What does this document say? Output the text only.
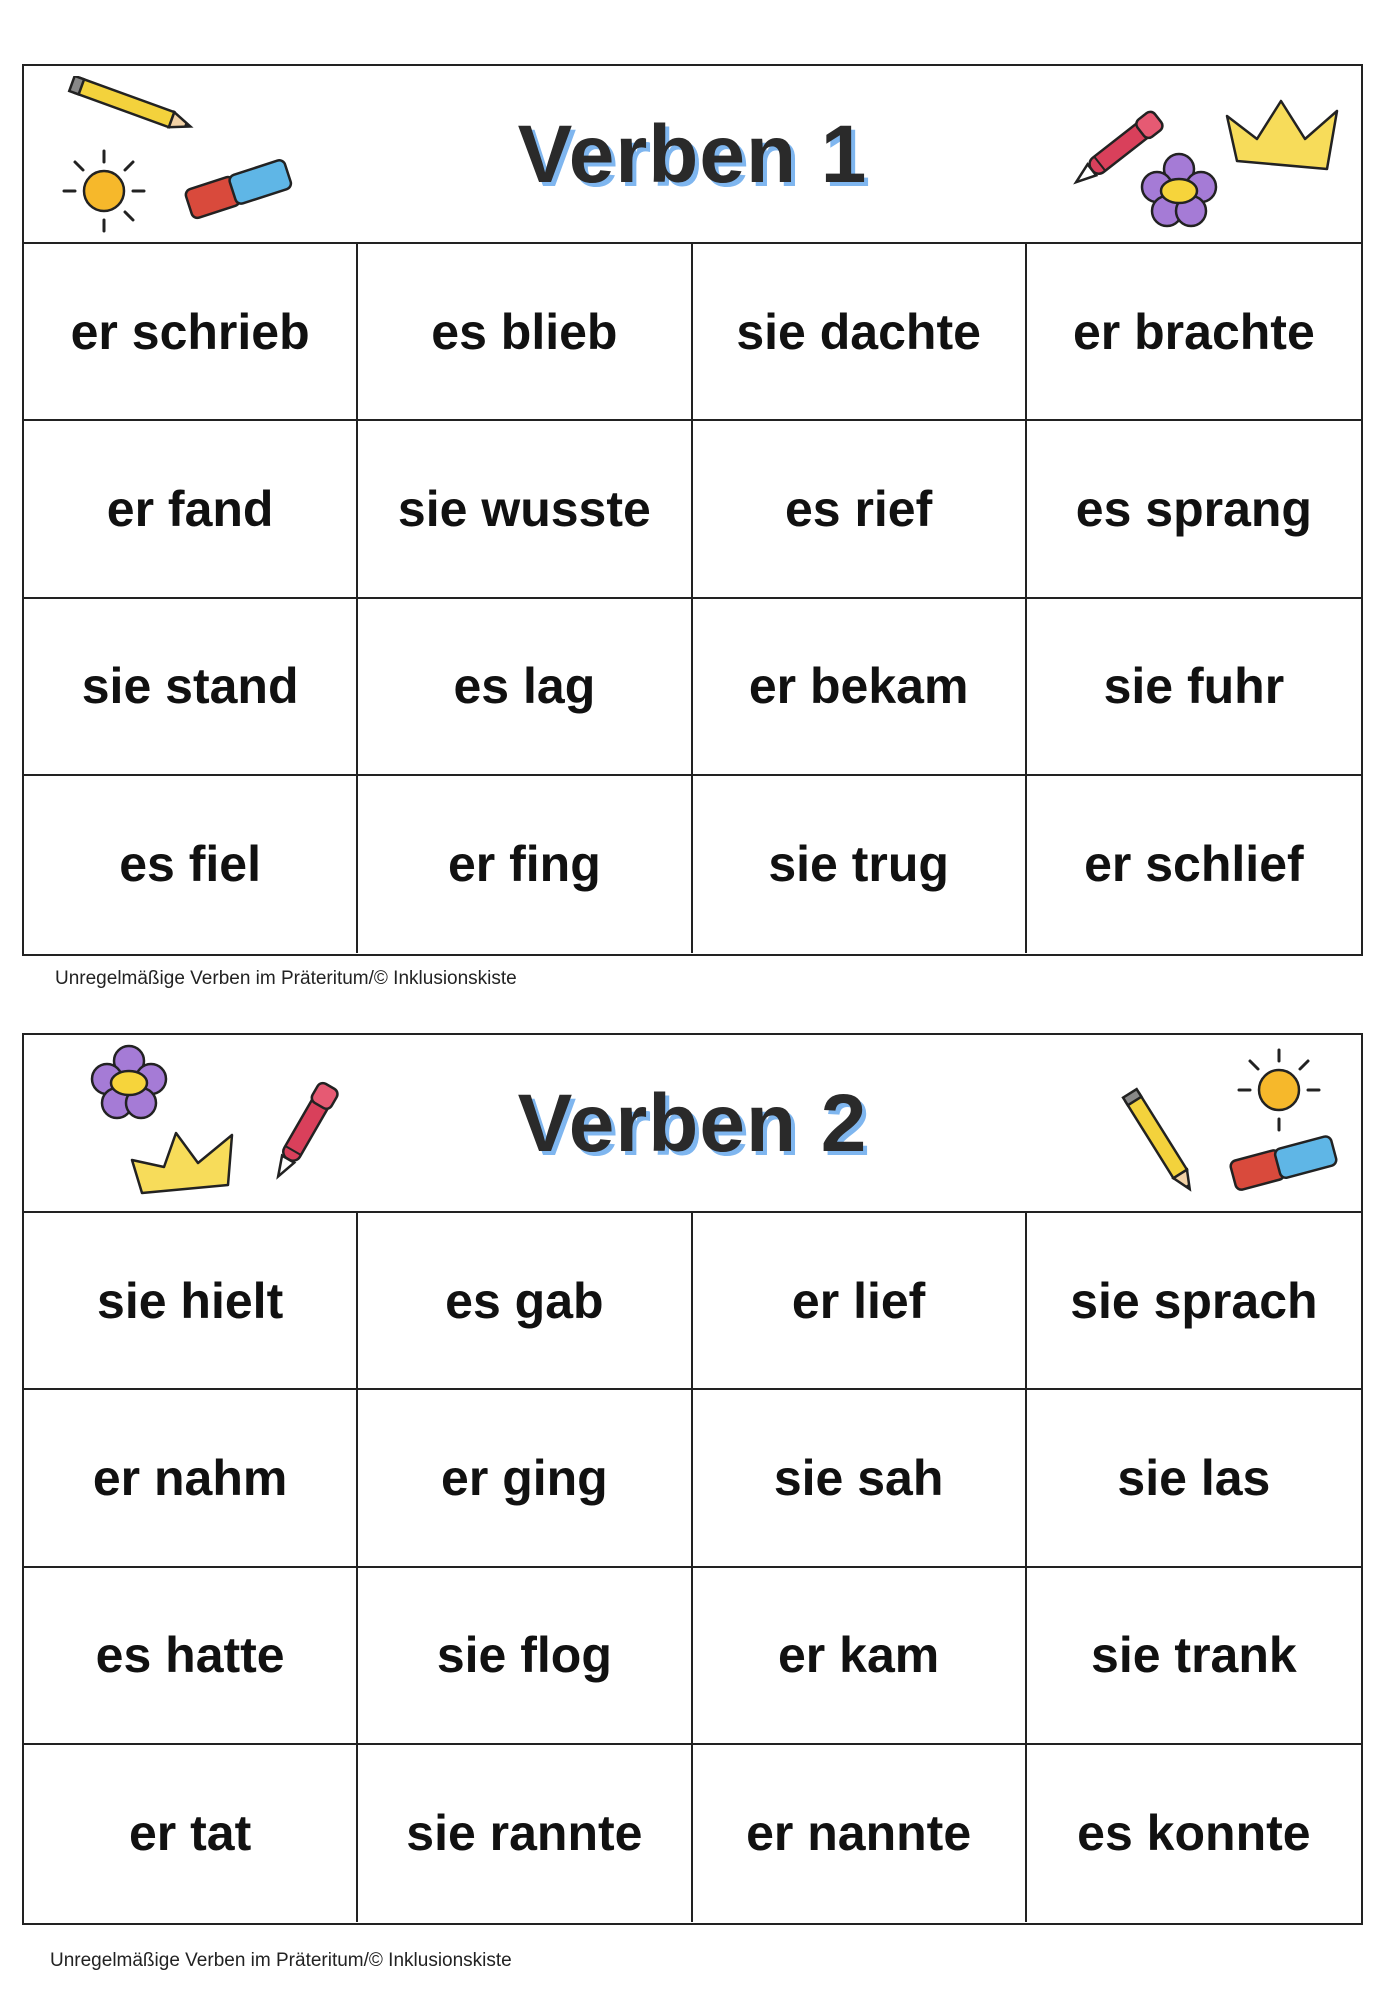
Verben 1
er schrieb	es blieb	sie dachte	er brachte
er fand	sie wusste	es rief	es sprang
sie stand	es lag	er bekam	sie fuhr
es fiel	er fing	sie trug	er schlief
Unregelmäßige Verben im Präteritum/© Inklusionskiste
Verben 2
sie hielt	es gab	er lief	sie sprach
er nahm	er ging	sie sah	sie las
es hatte	sie flog	er kam	sie trank
er tat	sie rannte	er nannte	es konnte
Unregelmäßige Verben im Präteritum/© Inklusionskiste
